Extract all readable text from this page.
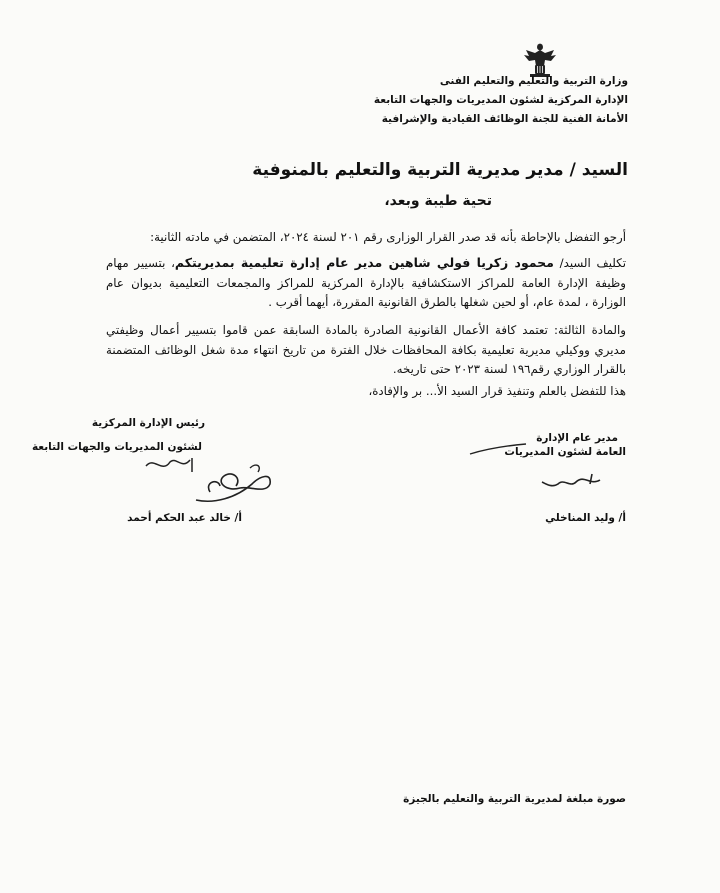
وزارة التربية والتعليم والتعليم الفنى
الإدارة المركزية لشئون المديريات والجهات التابعة
الأمانة الفنية للجنة الوظائف القيادية والإشرافية
السيد / مدير مديرية التربية والتعليم بالمنوفية
تحية طيبة وبعد،
أرجو التفضل بالإحاطة بأنه قد صدر القرار الوزارى رقم ٢٠١ لسنة ٢٠٢٤، المتضمن في مادته الثانية:
تكليف السيد/ محمود زكريا فولي شاهين مدير عام إدارة تعليمية بمديريتكم، بتسيير مهام وظيفة الإدارة العامة للمراكز الاستكشافية بالإدارة المركزية للمراكز والمجمعات التعليمية بديوان عام الوزارة ، لمدة عام، أو لحين شغلها بالطرق القانونية المقررة، أيهما أقرب .
والمادة الثالثة: تعتمد كافة الأعمال القانونية الصادرة بالمادة السابقة عمن قاموا بتسيير أعمال وظيفتي مديري ووكيلي مديرية تعليمية بكافة المحافظات خلال الفترة من تاريخ انتهاء مدة شغل الوظائف المتضمنة بالقرار الوزاري رقم١٩٦ لسنة ٢٠٢٣ حتى تاريخه.
هذا للتفضل بالعلم وتنفيذ قرار السيد الأ... بر والإفادة،
مدير عام الإدارة
العامة لشئون المديريات
أ/ وليد المناخلي
رئيس الإدارة المركزية
لشئون المديريات والجهات التابعة
أ/ خالد عبد الحكم أحمد
صورة مبلغة لمديرية التربية والتعليم بالجيزة
